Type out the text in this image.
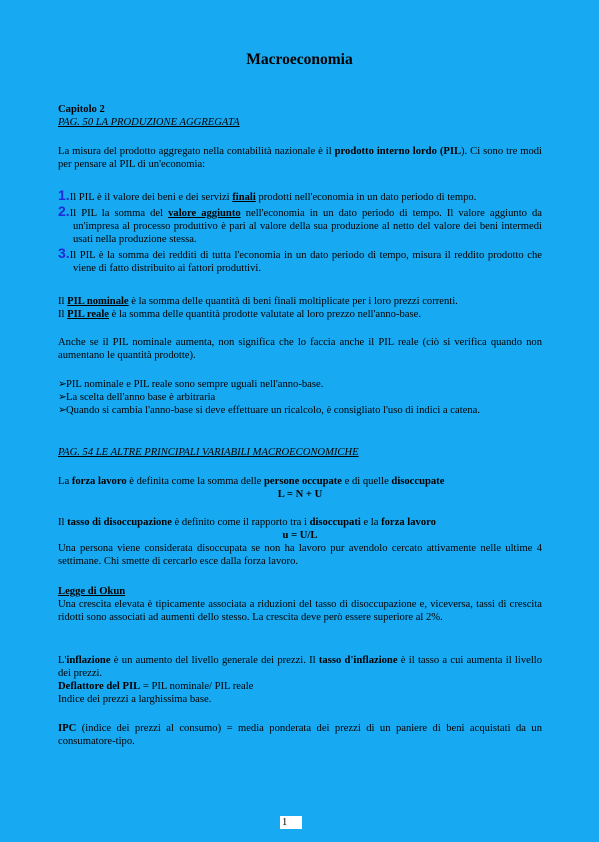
Macroeconomia

Capitolo 2

PAG. 50 LA PRODUZIONE AGGREGATA

La misura del prodotto aggregato nella contabilità nazionale è il prodotto interno lordo (PIL). Ci sono tre modi per pensare al PIL di un'economia:

1.Il PIL è il valore dei beni e dei servizi finali prodotti nell'economia in un dato periodo di tempo.

2.Il PIL la somma del valore aggiunto nell'economia in un dato periodo di tempo. Il valore aggiunto da un'impresa al processo produttivo è pari al valore della sua produzione al netto del valore dei beni intermedi usati nella produzione stessa.

3.Il PIL è la somma dei redditi di tutta l'economia in un dato periodo di tempo, misura il reddito prodotto che viene di fatto distribuito ai fattori produttivi.

Il PIL nominale è la somma delle quantità di beni finali moltiplicate per i loro prezzi correnti.

Il PIL reale è la somma delle quantità prodotte valutate al loro prezzo nell'anno-base.

Anche se il PIL nominale aumenta, non significa che lo faccia anche il PIL reale (ciò si verifica quando non aumentano le quantità prodotte).

➢PIL nominale e PIL reale sono sempre uguali nell'anno-base.

➢La scelta dell'anno base è arbitraria

➢Quando si cambia l'anno-base si deve effettuare un ricalcolo, è consigliato l'uso di indici a catena.

PAG. 54 LE ALTRE PRINCIPALI VARIABILI MACROECONOMICHE

La forza lavoro è definita come la somma delle persone occupate e di quelle disoccupate

L = N + U

Il tasso di disoccupazione è definito come il rapporto tra i disoccupati e la forza lavoro

u = U/L

Una persona viene considerata disoccupata se non ha lavoro pur avendolo cercato attivamente nelle ultime 4 settimane. Chi smette di cercarlo esce dalla forza lavoro.

Legge di Okun

Una crescita elevata è tipicamente associata a riduzioni del tasso di disoccupazione e, viceversa, tassi di crescita ridotti sono associati ad aumenti dello stesso. La crescita deve però essere superiore al 2%.

L'inflazione è un aumento del livello generale dei prezzi. Il tasso d'inflazione è il tasso a cui aumenta il livello dei prezzi.

Deflattore del PIL = PIL nominale/ PIL reale

Indice dei prezzi a larghissima base.

IPC (indice dei prezzi al consumo) = media ponderata dei prezzi di un paniere di beni acquistati da un consumatore-tipo.

1
